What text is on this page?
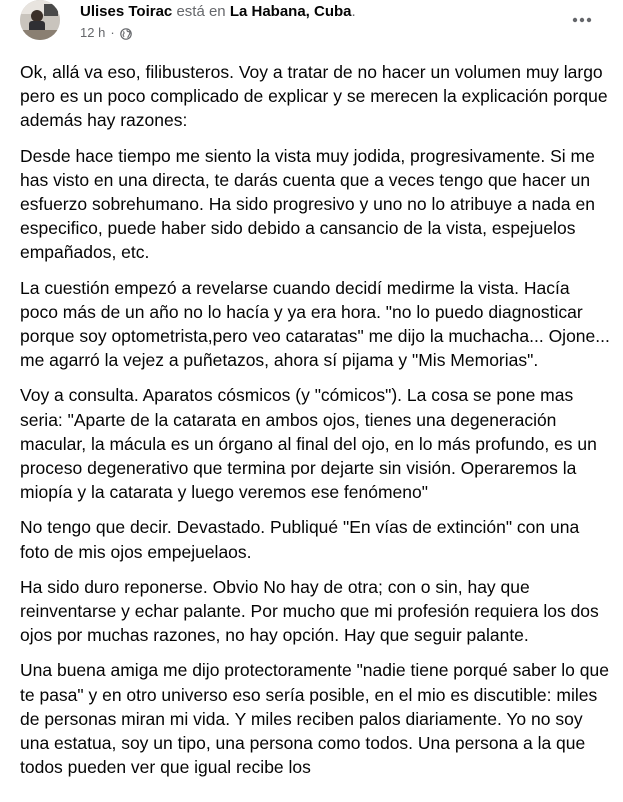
Ulises Toirac está en La Habana, Cuba.
12 h ·

Ok, allá va eso, filibusteros. Voy a tratar de no hacer un volumen muy largo pero es un poco complicado de explicar y se merecen la explicación porque además hay razones:

Desde hace tiempo me siento la vista muy jodida, progresivamente. Si me has visto en una directa, te darás cuenta que a veces tengo que hacer un esfuerzo sobrehumano. Ha sido progresivo y uno no lo atribuye a nada en especifico, puede haber sido debido a cansancio de la vista, espejuelos empañados, etc.

La cuestión empezó a revelarse cuando decidí medirme la vista. Hacía poco más de un año no lo hacía y ya era hora. "no lo puedo diagnosticar porque soy optometrista,pero veo cataratas" me dijo la muchacha... Ojone... me agarró la vejez a puñetazos, ahora sí pijama y "Mis Memorias".

Voy a consulta. Aparatos cósmicos (y "cómicos"). La cosa se pone mas seria: "Aparte de la catarata en ambos ojos, tienes una degeneración macular, la mácula es un órgano al final del ojo, en lo más profundo, es un proceso degenerativo que termina por dejarte sin visión. Operaremos la miopía y la catarata y luego veremos ese fenómeno"

No tengo que decir. Devastado. Publiqué "En vías de extinción" con una foto de mis ojos empejuelaos.

Ha sido duro reponerse. Obvio No hay de otra; con o sin, hay que reinventarse y echar palante. Por mucho que mi profesión requiera los dos ojos por muchas razones, no hay opción. Hay que seguir palante.

Una buena amiga me dijo protectoramente "nadie tiene porqué saber lo que te pasa" y en otro universo eso sería posible, en el mio es discutible: miles de personas miran mi vida. Y miles reciben palos diariamente. Yo no soy una estatua, soy un tipo, una persona como todos. Una persona a la que todos pueden ver que igual recibe los
